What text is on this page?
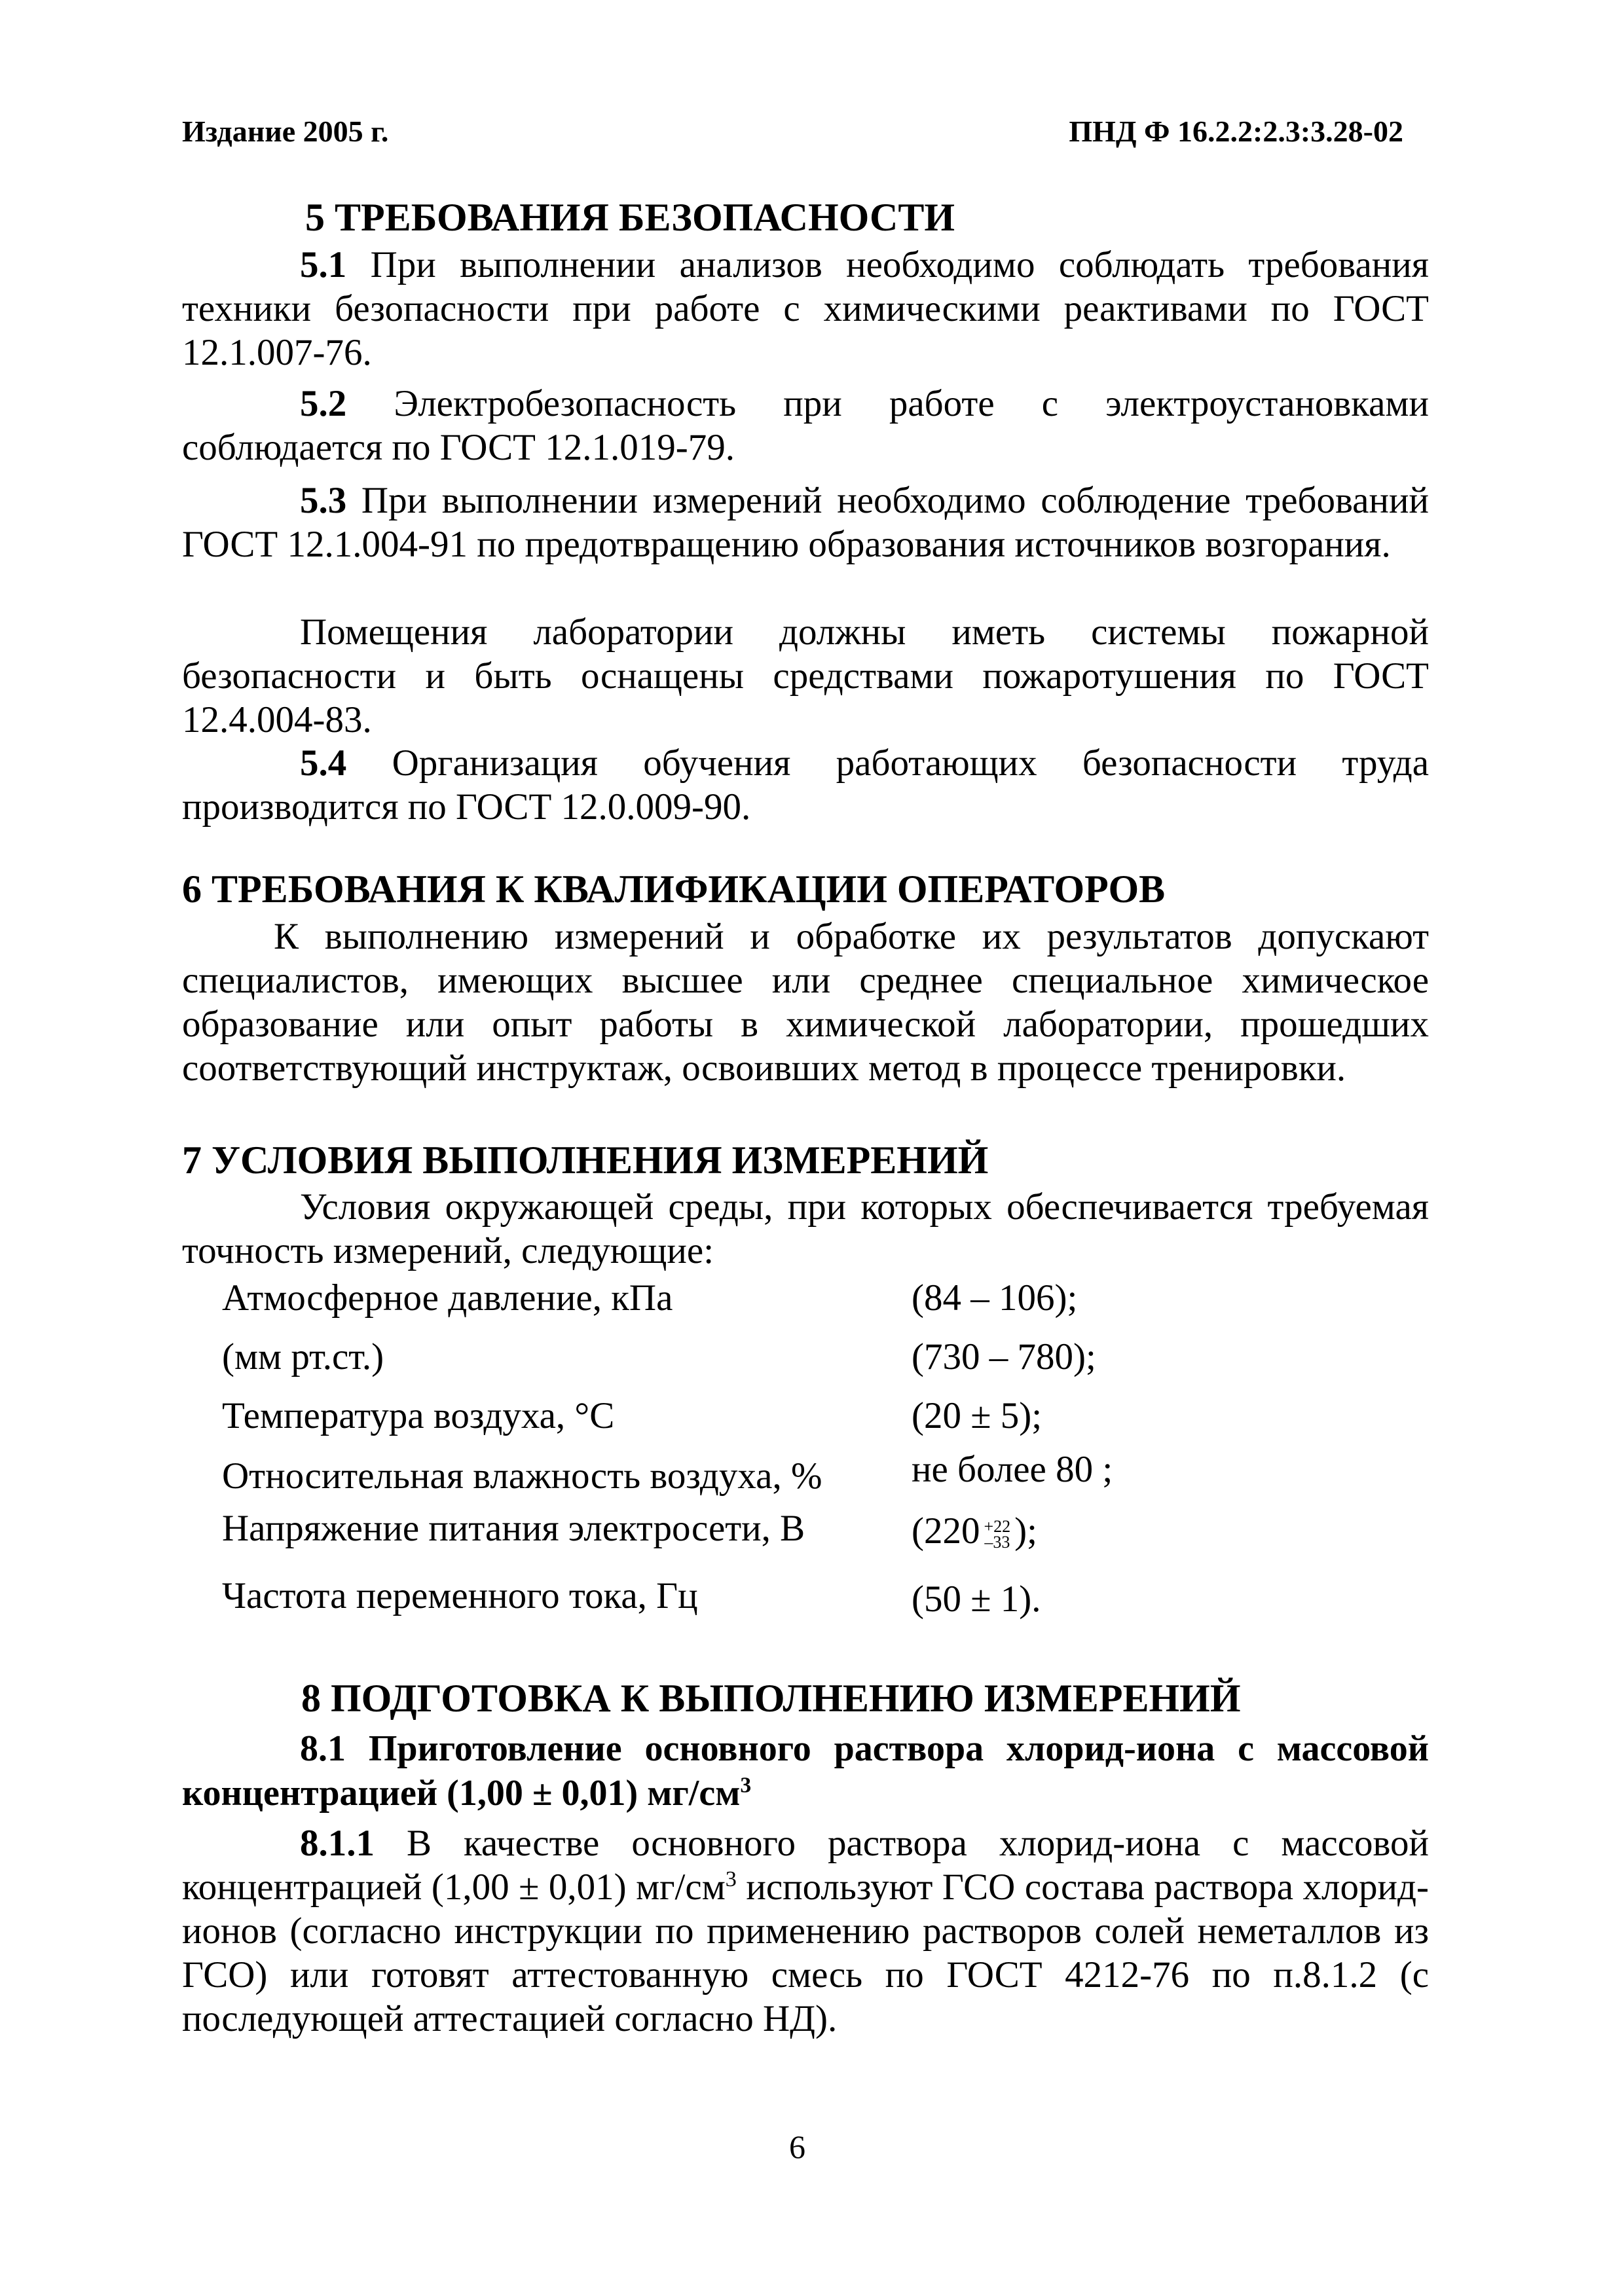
Издание 2005 г.	ПНД Ф 16.2.2:2.3:3.28-02
5 ТРЕБОВАНИЯ БЕЗОПАСНОСТИ
5.1 При выполнении анализов необходимо соблюдать требования техники безопасности при работе с химическими реактивами по ГОСТ 12.1.007-76.
5.2 Электробезопасность при работе с электроустановками соблюдается по ГОСТ 12.1.019-79.
5.3 При выполнении измерений необходимо соблюдение требований ГОСТ 12.1.004-91 по предотвращению образования источников возгорания.
Помещения лаборатории должны иметь системы пожарной безопасности и быть оснащены средствами пожаротушения по ГОСТ 12.4.004-83.
5.4 Организация обучения работающих безопасности труда производится по ГОСТ 12.0.009-90.
6 ТРЕБОВАНИЯ К КВАЛИФИКАЦИИ ОПЕРАТОРОВ
К выполнению измерений и обработке их результатов допускают специалистов, имеющих высшее или среднее специальное химическое образование или опыт работы в химической лаборатории, прошедших соответствующий инструктаж, освоивших метод в процессе тренировки.
7 УСЛОВИЯ ВЫПОЛНЕНИЯ ИЗМЕРЕНИЙ
Условия окружающей среды, при которых обеспечивается требуемая точность измерений, следующие:
Атмосферное давление, кПа	(84 – 106);
(мм рт.ст.)	(730 – 780);
Температура воздуха, °С	(20 ± 5);
Относительная влажность воздуха, % не более 80 ;
Напряжение питания электросети, В	(220 +22
–33 );
Частота переменного тока, Гц	(50 ± 1).
8 ПОДГОТОВКА К ВЫПОЛНЕНИЮ ИЗМЕРЕНИЙ
8.1 Приготовление основного раствора хлорид-иона с массовой концентрацией (1,00 ± 0,01) $мг/см^3$
8.1.1 В качестве основного раствора хлорид-иона с массовой концентрацией (1,00 ± 0,01) $мг/см^3$ используют ГСО состава раствора хлорид-ионов (согласно инструкции по применению растворов солей неметаллов из ГСО) или готовят аттестованную смесь по ГОСТ 4212-76 по п.8.1.2 (с последующей аттестацией согласно НД).
6
